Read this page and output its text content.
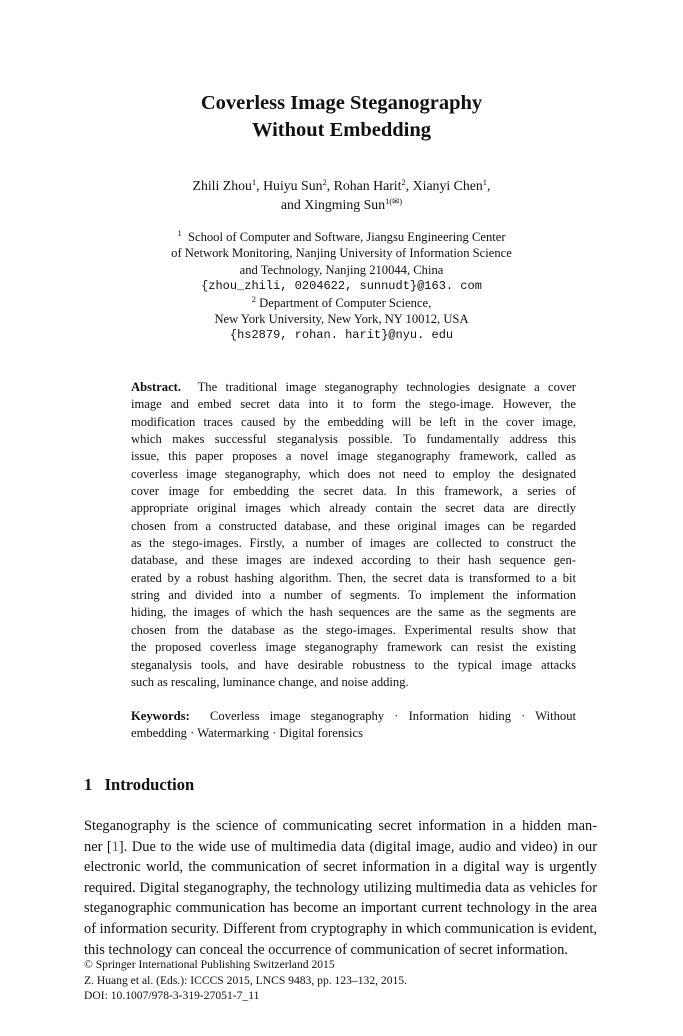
Coverless Image Steganography
Without Embedding
Zhili Zhou$^1$, Huiyu Sun$^2$, Rohan Harit$^2$, Xianyi Chen$^1$,
and Xingming Sun$^{1(✉)}$
$^1$ School of Computer and Software, Jiangsu Engineering Center
of Network Monitoring, Nanjing University of Information Science
and Technology, Nanjing 210044, China
{zhou_zhili, 0204622, sunnudt}@163. com
$^2$ Department of Computer Science,
New York University, New York, NY 10012, USA
{hs2879, rohan. harit}@nyu. edu
Abstract. The traditional image steganography technologies designate a cover
image and embed secret data into it to form the stego-image. However, the
modification traces caused by the embedding will be left in the cover image,
which makes successful steganalysis possible. To fundamentally address this
issue, this paper proposes a novel image steganography framework, called as
coverless image steganography, which does not need to employ the designated
cover image for embedding the secret data. In this framework, a series of
appropriate original images which already contain the secret data are directly
chosen from a constructed database, and these original images can be regarded
as the stego-images. Firstly, a number of images are collected to construct the
database, and these images are indexed according to their hash sequence gen-
erated by a robust hashing algorithm. Then, the secret data is transformed to a bit
string and divided into a number of segments. To implement the information
hiding, the images of which the hash sequences are the same as the segments are
chosen from the database as the stego-images. Experimental results show that
the proposed coverless image steganography framework can resist the existing
steganalysis tools, and have desirable robustness to the typical image attacks
such as rescaling, luminance change, and noise adding.
Keywords: Coverless image steganography · Information hiding · Without
embedding · Watermarking · Digital forensics
1 Introduction
Steganography is the science of communicating secret information in a hidden man-
ner [1]. Due to the wide use of multimedia data (digital image, audio and video) in our
electronic world, the communication of secret information in a digital way is urgently
required. Digital steganography, the technology utilizing multimedia data as vehicles for
steganographic communication has become an important current technology in the area
of information security. Different from cryptography in which communication is evident,
this technology can conceal the occurrence of communication of secret information.
© Springer International Publishing Switzerland 2015
Z. Huang et al. (Eds.): ICCCS 2015, LNCS 9483, pp. 123–132, 2015.
DOI: 10.1007/978-3-319-27051-7_11
